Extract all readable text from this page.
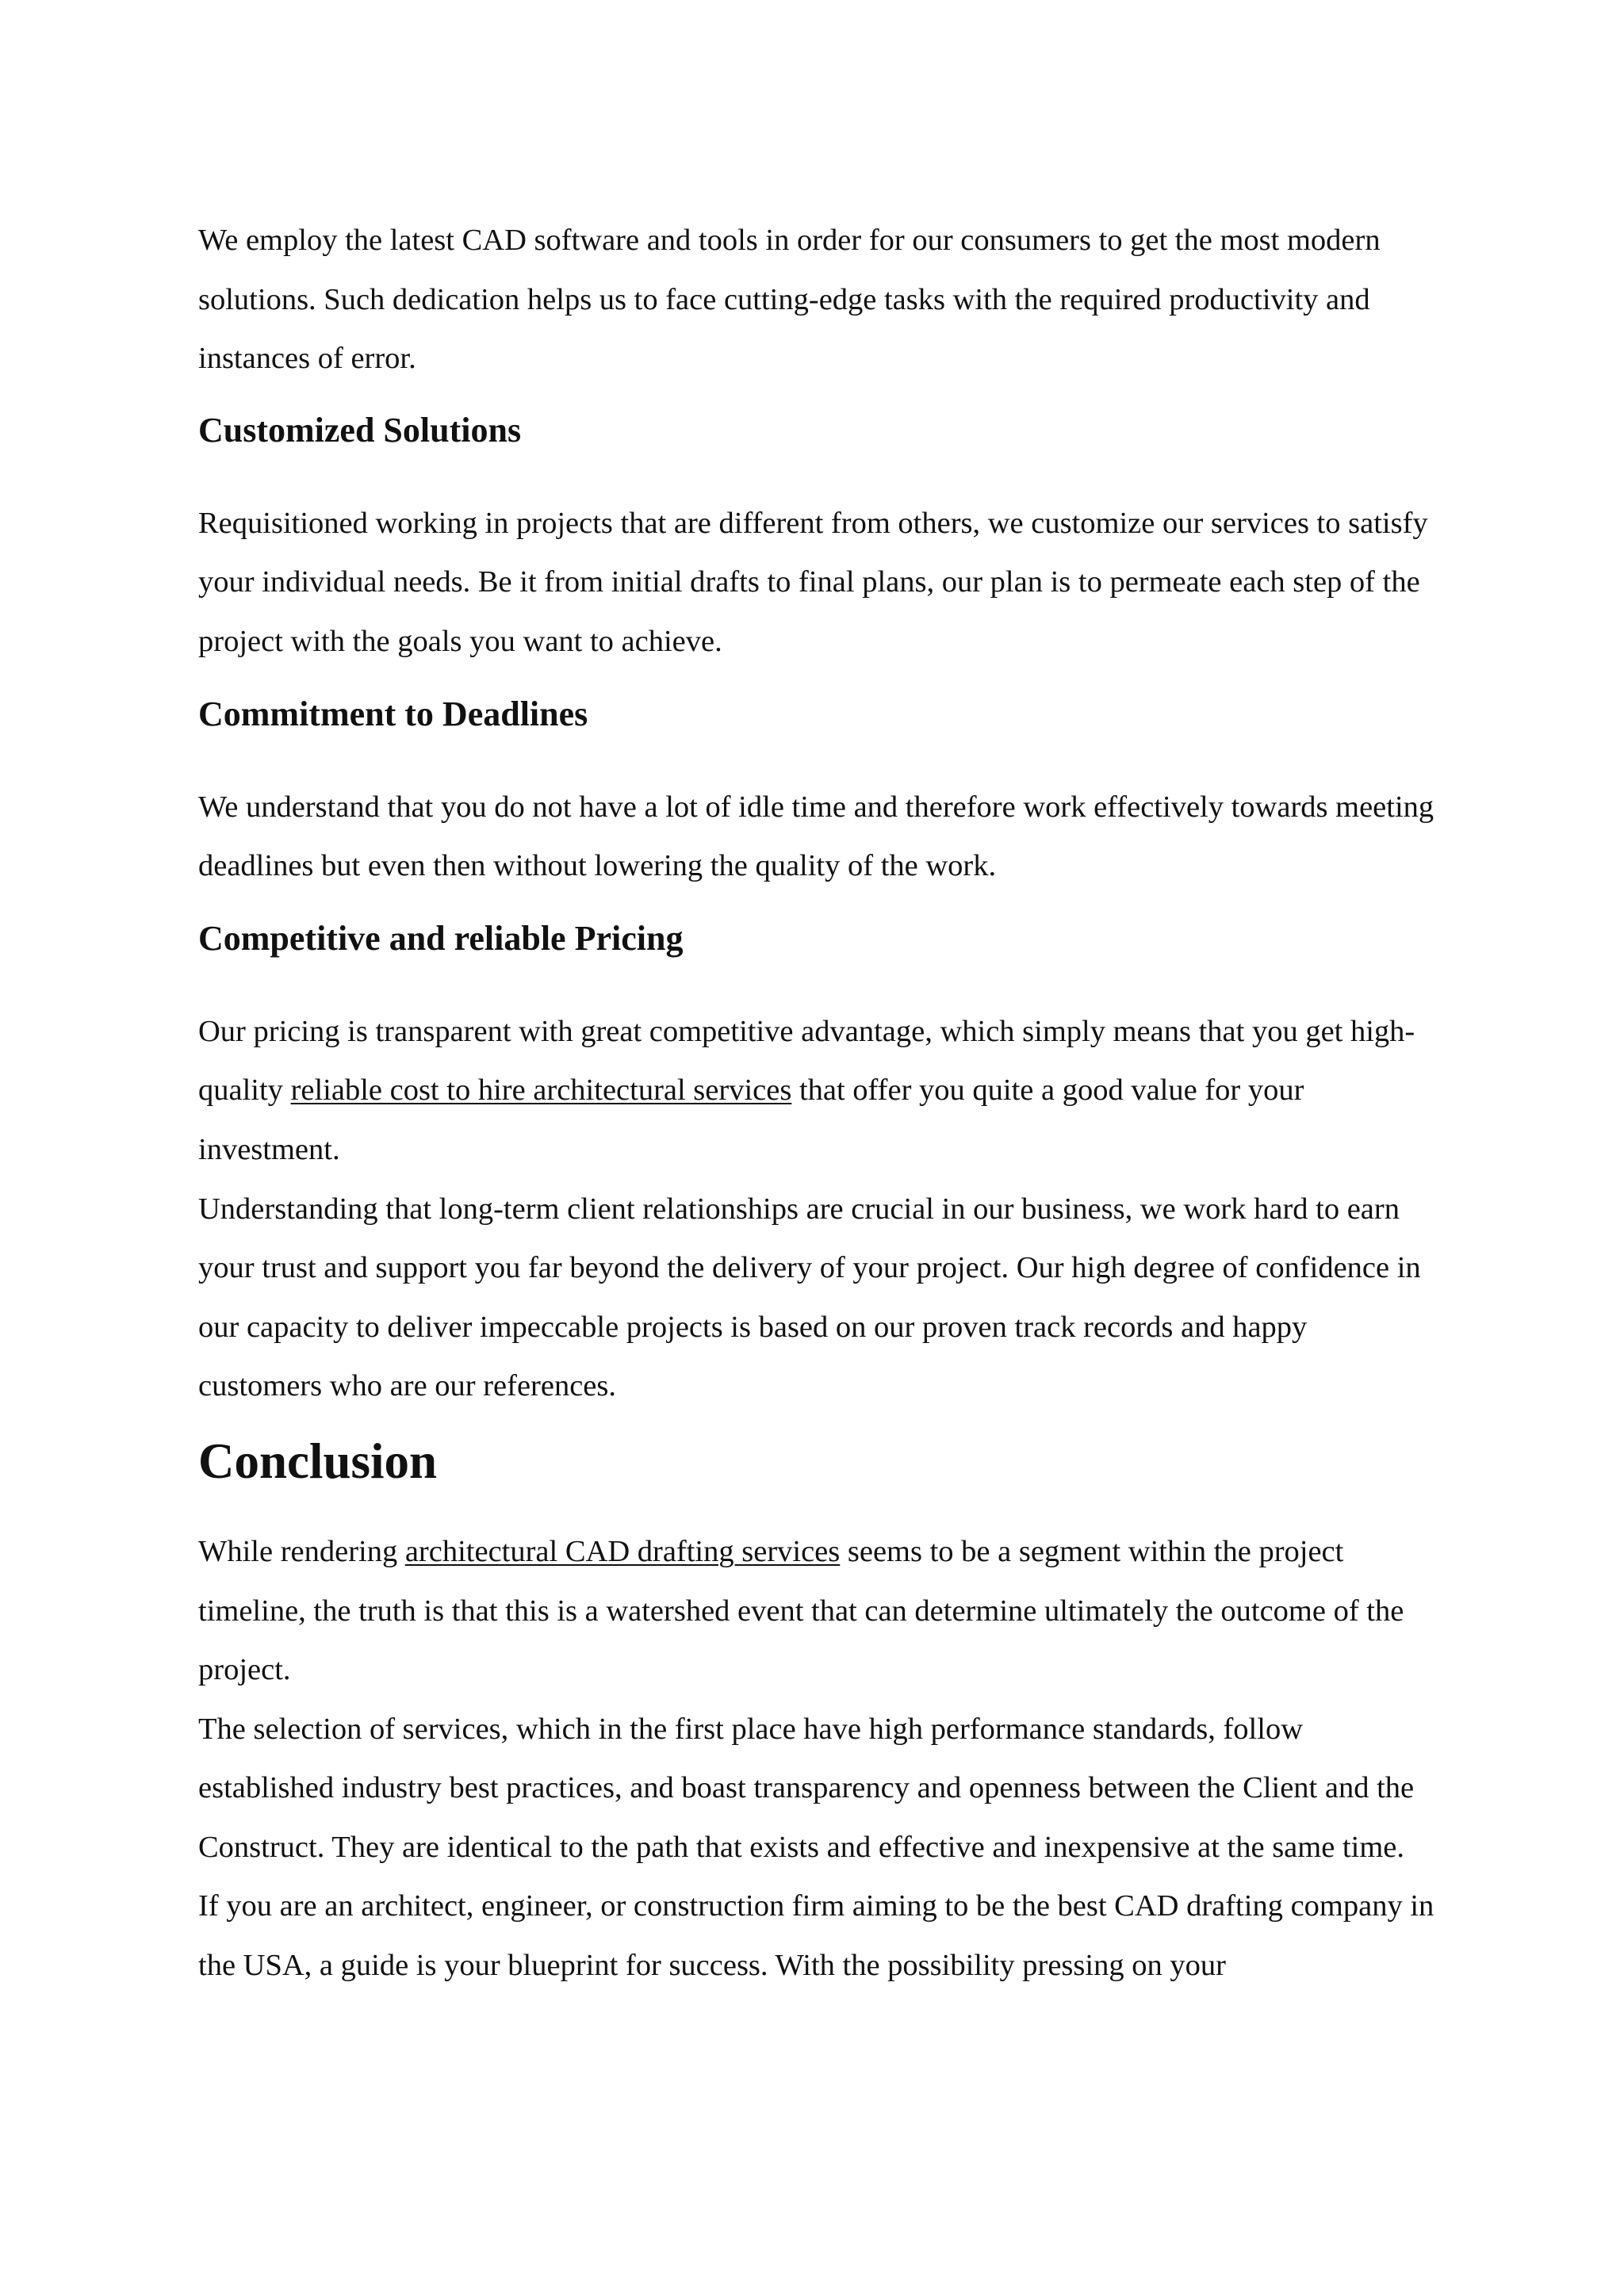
We employ the latest CAD software and tools in order for our consumers to get the most modern solutions. Such dedication helps us to face cutting-edge tasks with the required productivity and instances of error.

Customized Solutions

Requisitioned working in projects that are different from others, we customize our services to satisfy your individual needs. Be it from initial drafts to final plans, our plan is to permeate each step of the project with the goals you want to achieve.

Commitment to Deadlines

We understand that you do not have a lot of idle time and therefore work effectively towards meeting deadlines but even then without lowering the quality of the work.

Competitive and reliable Pricing

Our pricing is transparent with great competitive advantage, which simply means that you get high-quality reliable cost to hire architectural services that offer you quite a good value for your investment.

Understanding that long-term client relationships are crucial in our business, we work hard to earn your trust and support you far beyond the delivery of your project. Our high degree of confidence in our capacity to deliver impeccable projects is based on our proven track records and happy customers who are our references.

Conclusion

While rendering architectural CAD drafting services seems to be a segment within the project timeline, the truth is that this is a watershed event that can determine ultimately the outcome of the project.

The selection of services, which in the first place have high performance standards, follow established industry best practices, and boast transparency and openness between the Client and the Construct. They are identical to the path that exists and effective and inexpensive at the same time.

If you are an architect, engineer, or construction firm aiming to be the best CAD drafting company in the USA, a guide is your blueprint for success. With the possibility pressing on your
